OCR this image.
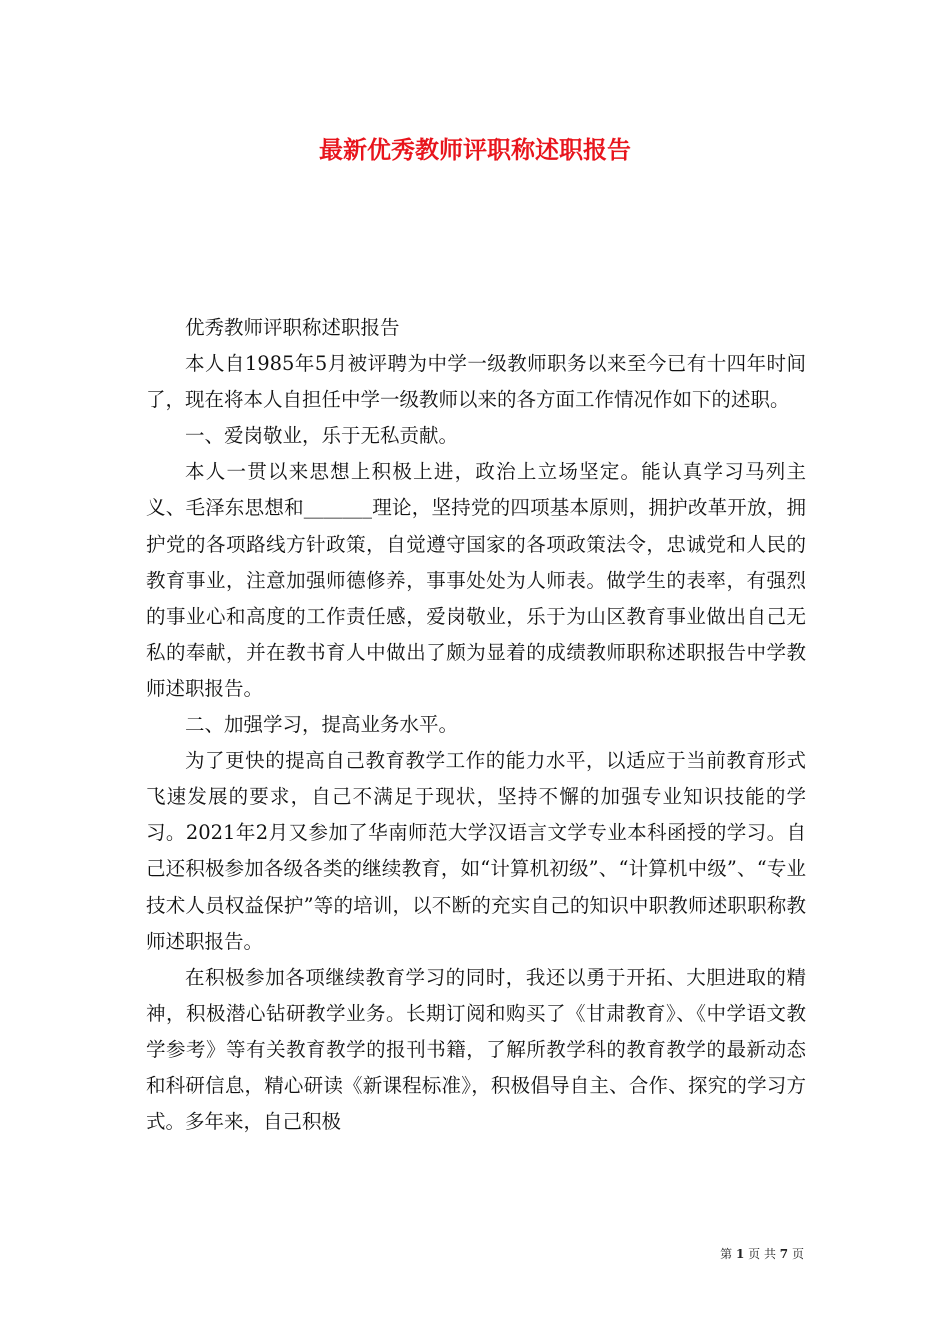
最新优秀教师评职称述职报告

优秀教师评职称述职报告

本人自1985年5月被评聘为中学一级教师职务以来至今已有十四年时间了，现在将本人自担任中学一级教师以来的各方面工作情况作如下的述职。

一、爱岗敬业，乐于无私贡献。

本人一贯以来思想上积极上进，政治上立场坚定。能认真学习马列主义、毛泽东思想和_______理论，坚持党的四项基本原则，拥护改革开放，拥护党的各项路线方针政策，自觉遵守国家的各项政策法令，忠诚党和人民的教育事业，注意加强师德修养，事事处处为人师表。做学生的表率，有强烈的事业心和高度的工作责任感，爱岗敬业，乐于为山区教育事业做出自己无私的奉献，并在教书育人中做出了颇为显着的成绩教师职称述职报告中学教师述职报告。

二、加强学习，提高业务水平。

为了更快的提高自己教育教学工作的能力水平，以适应于当前教育形式飞速发展的要求，自己不满足于现状，坚持不懈的加强专业知识技能的学习。2021年2月又参加了华南师范大学汉语言文学专业本科函授的学习。自己还积极参加各级各类的继续教育，如“计算机初级”、“计算机中级”、“专业技术人员权益保护”等的培训，以不断的充实自己的知识中职教师述职职称教师述职报告。

在积极参加各项继续教育学习的同时，我还以勇于开拓、大胆进取的精神，积极潜心钻研教学业务。长期订阅和购买了《甘肃教育》、《中学语文教学参考》等有关教育教学的报刊书籍，了解所教学科的教育教学的最新动态和科研信息，精心研读《新课程标准》，积极倡导自主、合作、探究的学习方式。多年来，自己积极

第 1 页 共 7 页
